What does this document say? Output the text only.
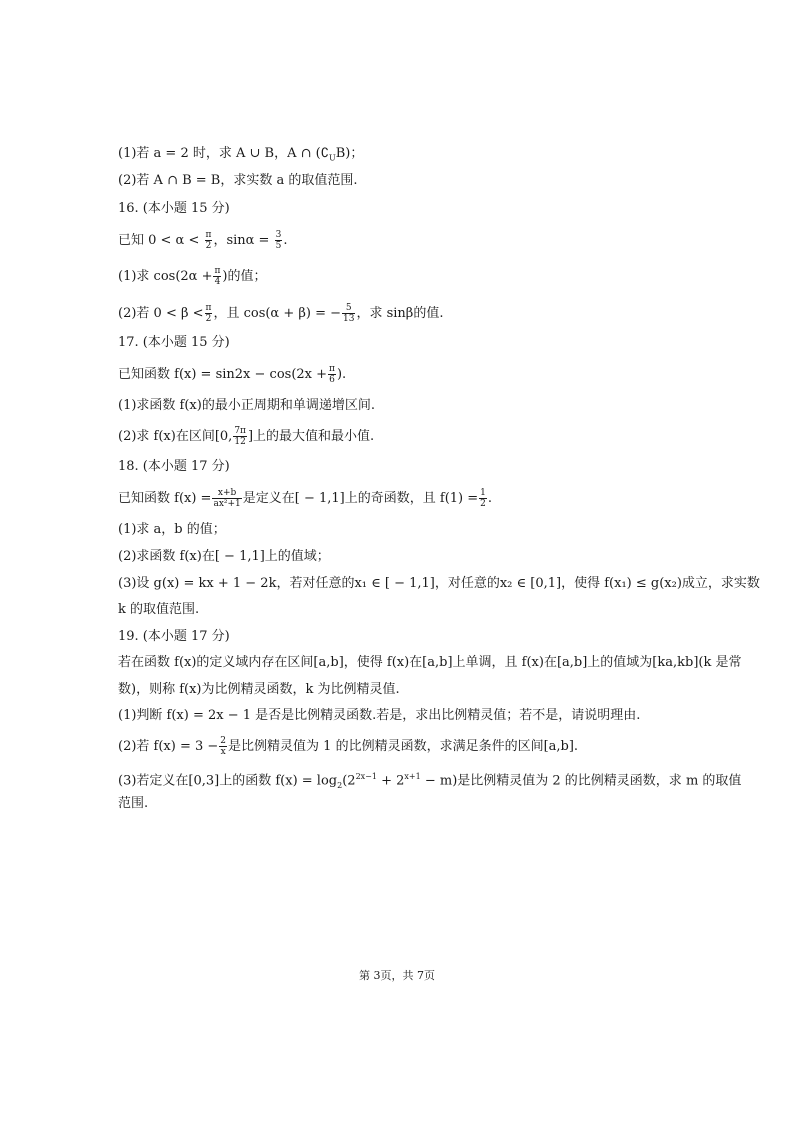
(1)若 a = 2 时，求 A ∪ B，A ∩ $(∁_UB)$；
(2)若 A ∩ B = B，求实数 a 的取值范围.
16. (本小题 15 分)
已知 $0 < \alpha < \frac{\pi}{2}$ ，$\sin\alpha = \frac{3}{5}$ .
(1)求 $\cos(2\alpha + \frac{\pi}{4}$ )的值；
(2)若 $0 < \beta < \frac{\pi}{2}$ ，且 cos(α + β) = − $\frac{5}{13}$ ，求 sinβ的值.
17. (本小题 15 分)
已知函数 $f(x) = \sin 2x - \cos(2x + \frac{\pi}{6}$ ).
(1)求函数 f(x)的最小正周期和单调递增区间.
(2)求 f(x)在区间[0, $\frac{7\pi}{12}$ ]上的最大值和最小值.
18. (本小题 17 分)
已知函数 $f(x) = \frac{x+b}{\text{ax²+1}}$ 是定义在[ − 1,1]上的奇函数，且 $f(1) = \frac{1}{2}$ .
(1)求 a，b 的值；
(2)求函数 f(x)在[ − 1,1]上的值域；
(3)设 g(x) = kx + 1 − 2k，若对任意的x₁ ∈ [ − 1,1]，对任意的x₂ ∈ [0,1]，使得 f(x₁) ≤ g(x₂)成立，求实数
k 的取值范围.
19. (本小题 17 分)
若在函数 f(x)的定义域内存在区间[a,b]，使得 f(x)在[a,b]上单调，且 f(x)在[a,b]上的值域为[ka,kb](k 是常
数)，则称 f(x)为比例精灵函数，k 为比例精灵值.
(1)判断 f(x) = 2x − 1 是否是比例精灵函数.若是，求出比例精灵值；若不是，请说明理由.
(2)若 $f(x) = 3 - \frac{2}{x}$ 是比例精灵值为 1 的比例精灵函数，求满足条件的区间[a,b].
(3)若定义在[0,3]上的函数 $f(x) = \log_2(2^{2x-1} + 2^{x+1} - m)$是比例精灵值为 2 的比例精灵函数，求 m 的取值
范围.
第 3页，共 7页
